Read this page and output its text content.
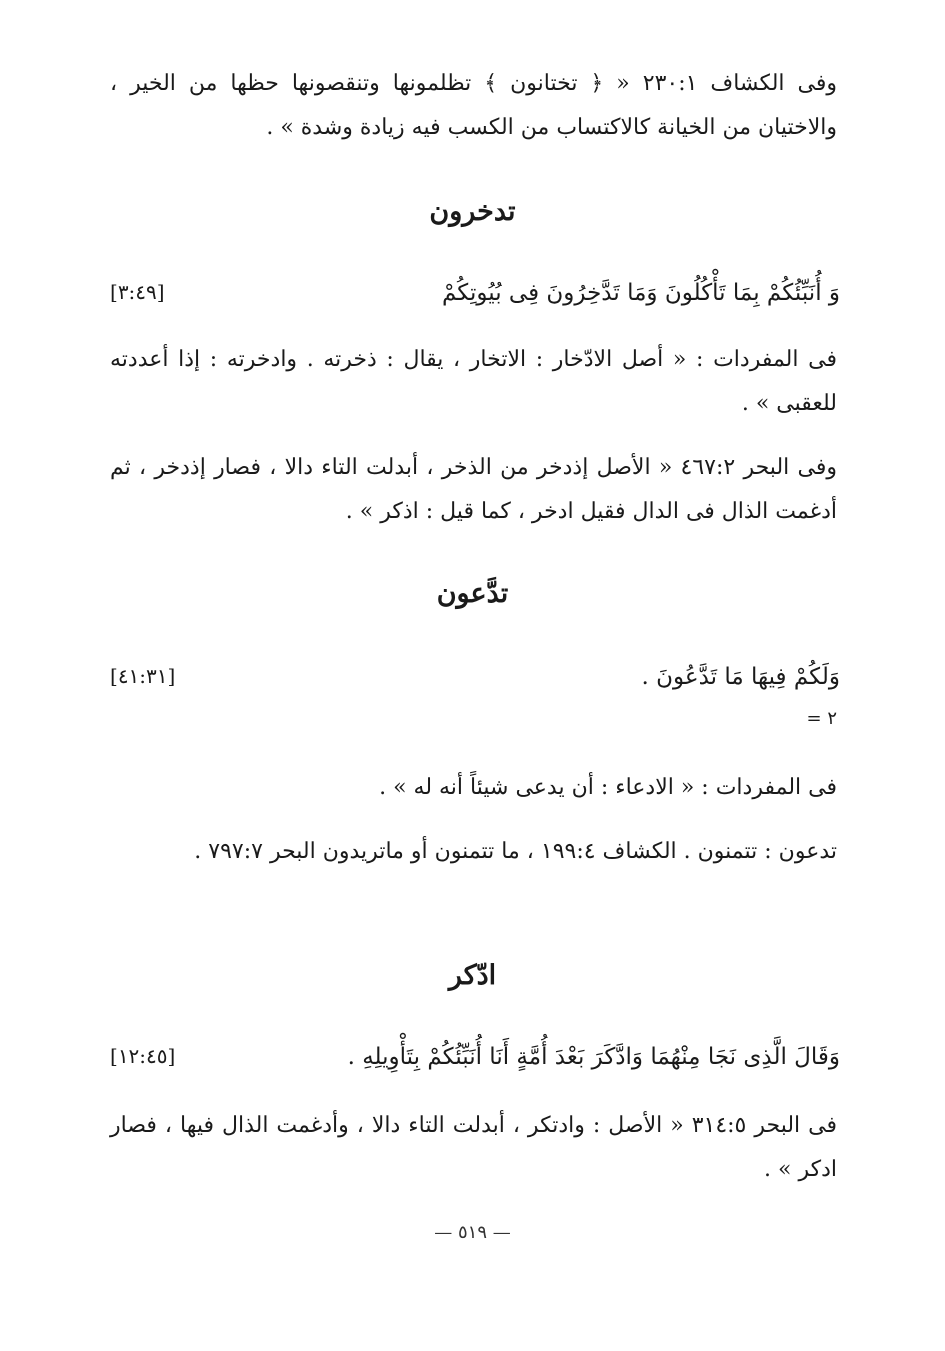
وفى الكشاف ٢٣٠:١ « ﴿ تختانون ﴾ تظلمونها وتنقصونها حظها من الخير ، والاختيان من الخيانة كالاكتساب من الكسب فيه زيادة وشدة » .

تدخرون
وَ أُنَبِّئُكُمْ بِمَا تَأْكُلُونَ وَمَا تَدَّخِرُونَ فِى بُيُوتِكُمْ
[٣:٤٩]

فى المفردات : « أصل الادّخار : الاتخار ، يقال : ذخرته . وادخرته : إذا أعددته للعقبى » .

وفى البحر ٤٦٧:٢ « الأصل إذدخر من الذخر ، أبدلت التاء دالا ، فصار إذدخر ، ثم أدغمت الذال فى الدال فقيل ادخر ، كما قيل : اذكر » .

تدَّعون
وَلَكُمْ فِيهَا مَا تَدَّعُونَ .
[٤١:٣١]
= ٢

فى المفردات : « الادعاء : أن يدعى شيئاً أنه له » .

تدعون : تتمنون . الكشاف ١٩٩:٤ ، ما تتمنون أو ماتريدون البحر ٧٩٧:٧ .

ادّكر
وَقَالَ الَّذِى نَجَا مِنْهُمَا وَادَّكَرَ بَعْدَ أُمَّةٍ أَنَا أُنَبِّئُكُمْ بِتَأْوِيلِهِ .
[١٢:٤٥]

فى البحر ٣١٤:٥ « الأصل : وادتكر ، أبدلت التاء دالا ، وأدغمت الذال فيها ، فصار ادكر » .

— ٥١٩ —
